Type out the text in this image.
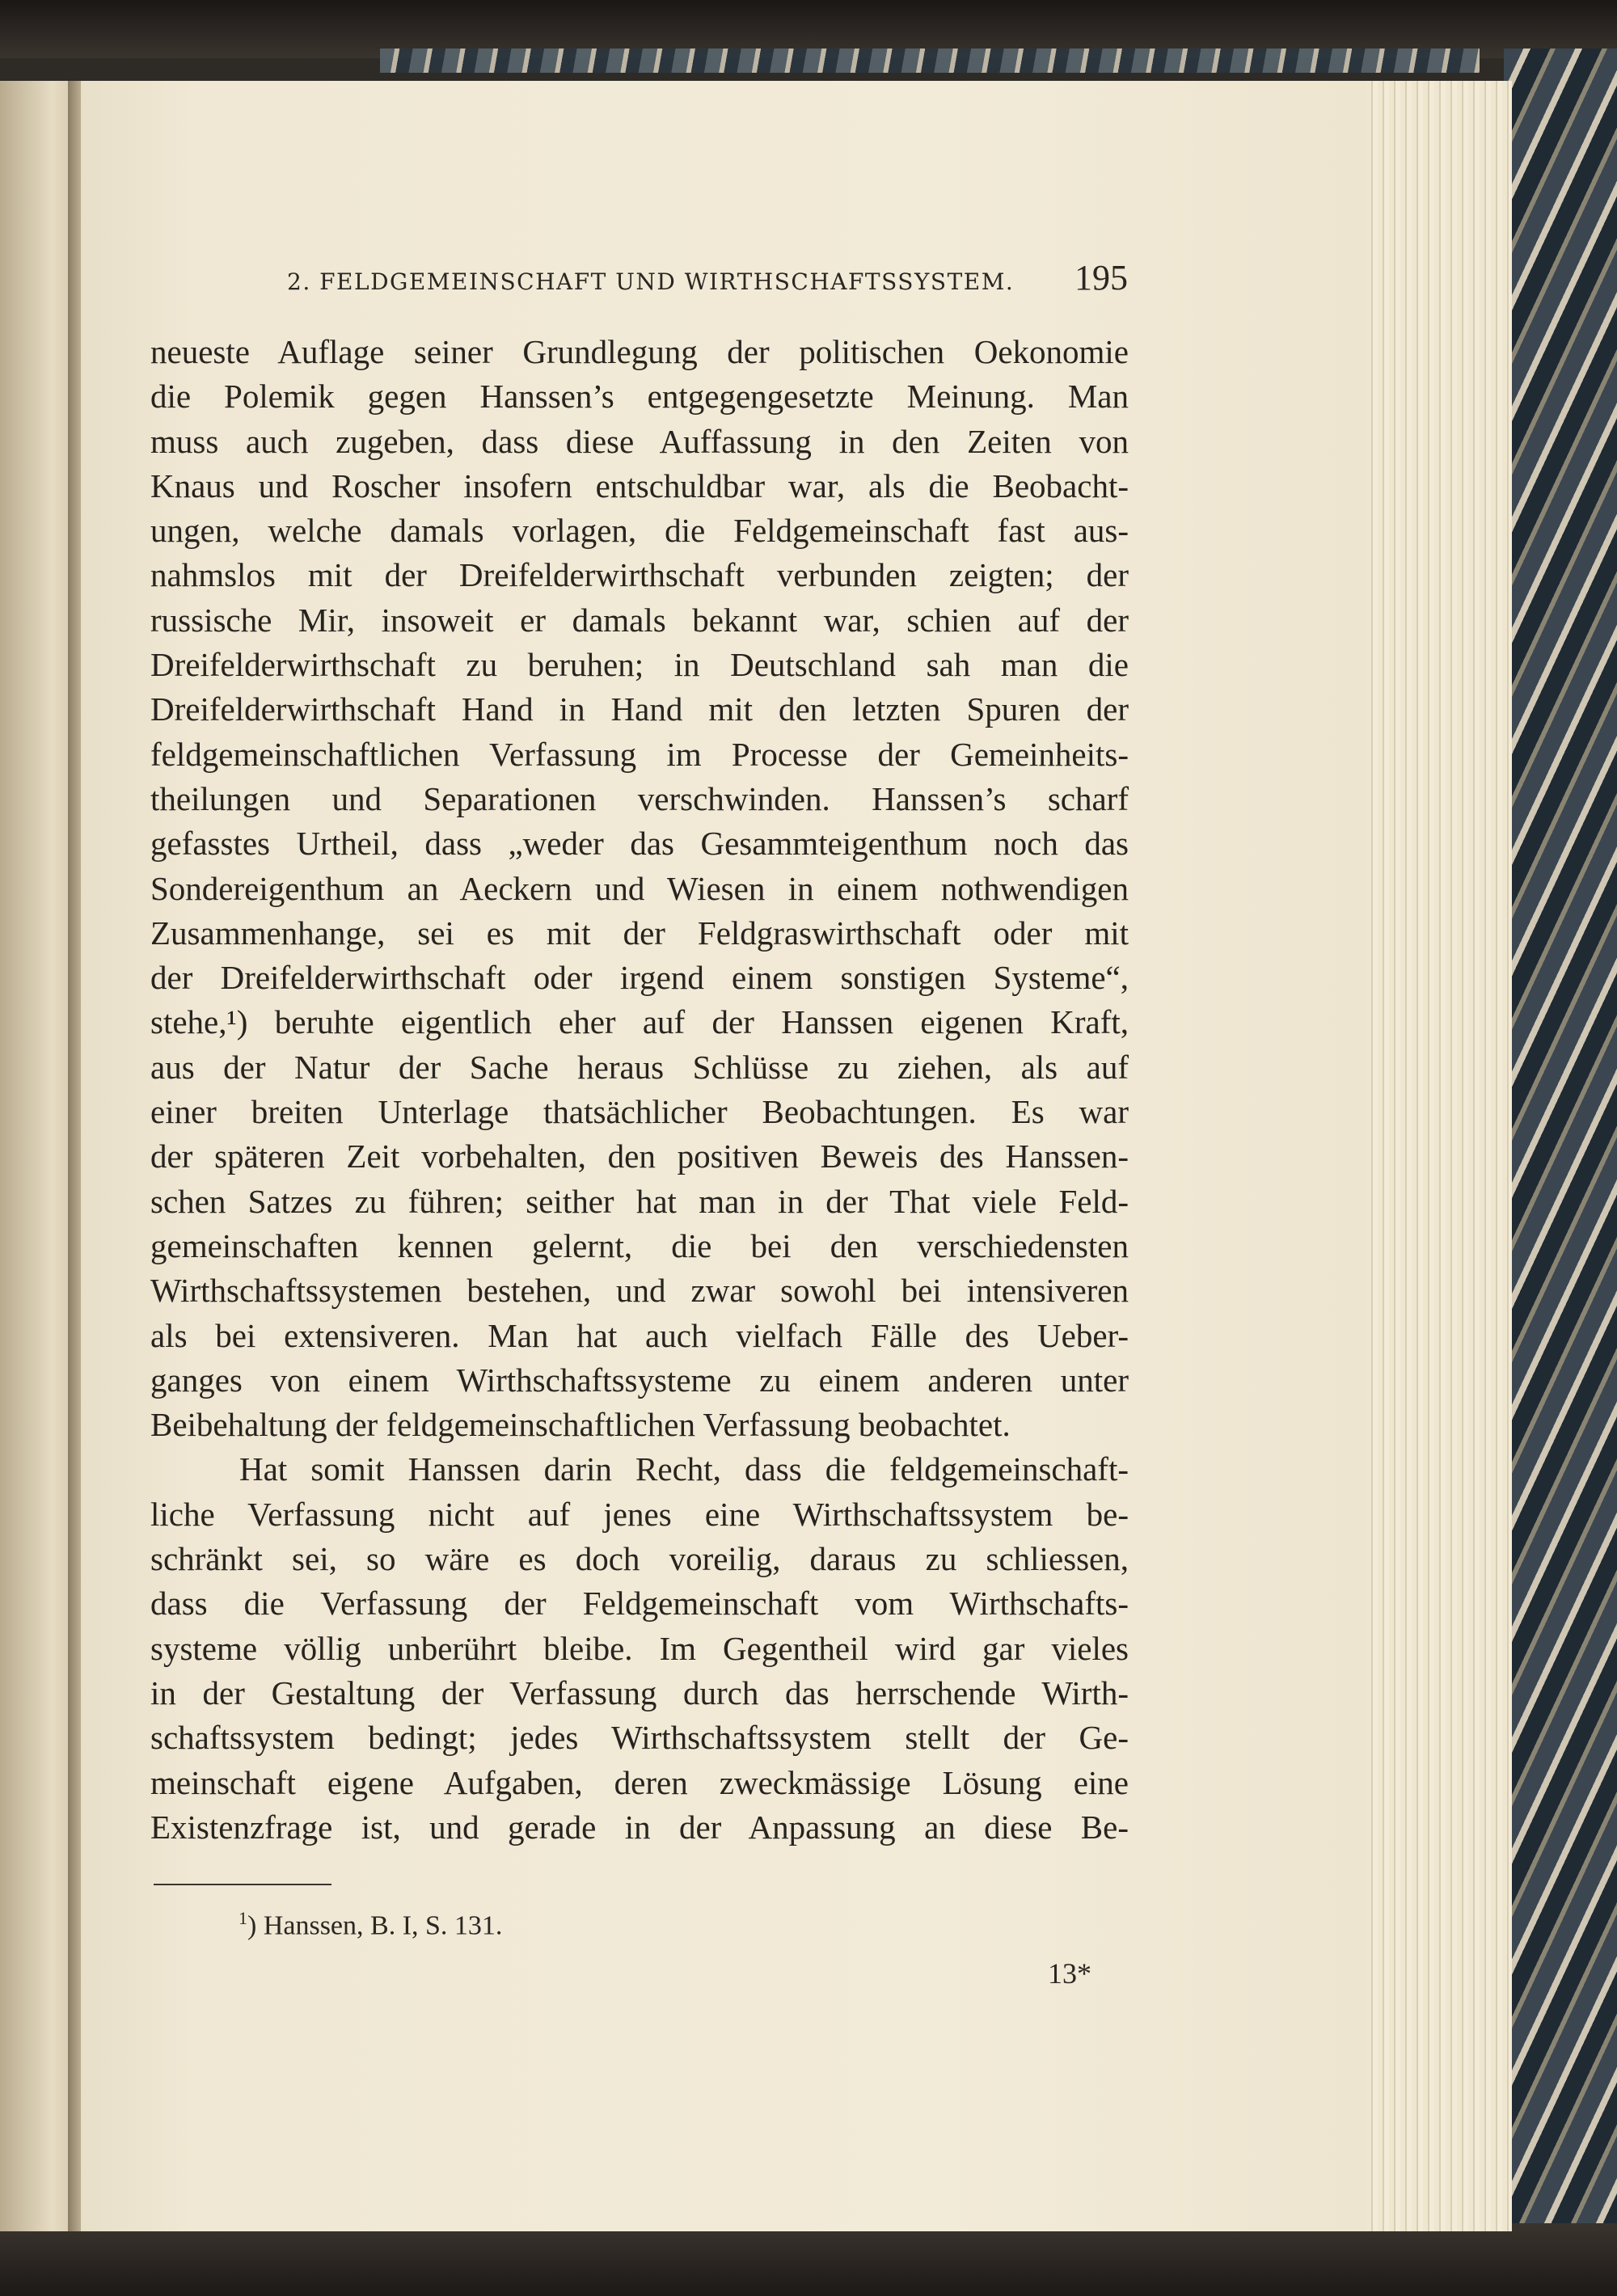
2. FELDGEMEINSCHAFT UND WIRTHSCHAFTSSYSTEM. 195
neueste Auflage seiner Grundlegung der politischen Oekonomie
die Polemik gegen Hanssen’s entgegengesetzte Meinung. Man
muss auch zugeben, dass diese Auffassung in den Zeiten von
Knaus und Roscher insofern entschuldbar war, als die Beobacht-
ungen, welche damals vorlagen, die Feldgemeinschaft fast aus-
nahmslos mit der Dreifelderwirthschaft verbunden zeigten; der
russische Mir, insoweit er damals bekannt war, schien auf der
Dreifelderwirthschaft zu beruhen; in Deutschland sah man die
Dreifelderwirthschaft Hand in Hand mit den letzten Spuren der
feldgemeinschaftlichen Verfassung im Processe der Gemeinheits-
theilungen und Separationen verschwinden. Hanssen’s scharf
gefasstes Urtheil, dass „weder das Gesammteigenthum noch das
Sondereigenthum an Aeckern und Wiesen in einem nothwendigen
Zusammenhange, sei es mit der Feldgraswirthschaft oder mit
der Dreifelderwirthschaft oder irgend einem sonstigen Systeme“,
stehe,¹) beruhte eigentlich eher auf der Hanssen eigenen Kraft,
aus der Natur der Sache heraus Schlüsse zu ziehen, als auf
einer breiten Unterlage thatsächlicher Beobachtungen. Es war
der späteren Zeit vorbehalten, den positiven Beweis des Hanssen-
schen Satzes zu führen; seither hat man in der That viele Feld-
gemeinschaften kennen gelernt, die bei den verschiedensten
Wirthschaftssystemen bestehen, und zwar sowohl bei intensiveren
als bei extensiveren. Man hat auch vielfach Fälle des Ueber-
ganges von einem Wirthschaftssysteme zu einem anderen unter
Beibehaltung der feldgemeinschaftlichen Verfassung beobachtet.
Hat somit Hanssen darin Recht, dass die feldgemeinschaft-
liche Verfassung nicht auf jenes eine Wirthschaftssystem be-
schränkt sei, so wäre es doch voreilig, daraus zu schliessen,
dass die Verfassung der Feldgemeinschaft vom Wirthschafts-
systeme völlig unberührt bleibe. Im Gegentheil wird gar vieles
in der Gestaltung der Verfassung durch das herrschende Wirth-
schaftssystem bedingt; jedes Wirthschaftssystem stellt der Ge-
meinschaft eigene Aufgaben, deren zweckmässige Lösung eine
Existenzfrage ist, und gerade in der Anpassung an diese Be-
$^1$) Hanssen, B. I, S. 131.
13*
